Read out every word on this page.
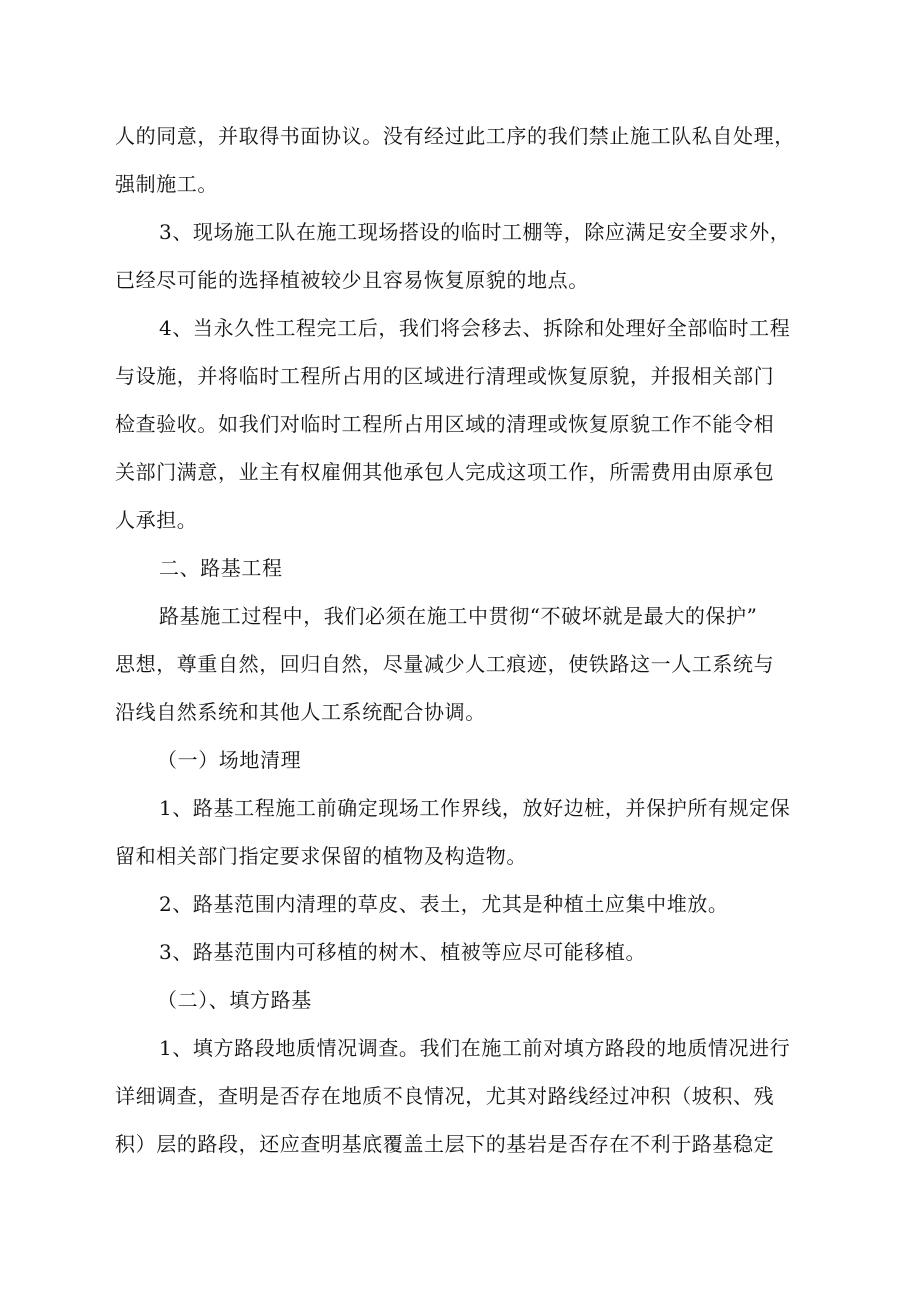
人的同意，并取得书面协议。没有经过此工序的我们禁止施工队私自处理，
强制施工。
3、现场施工队在施工现场搭设的临时工棚等，除应满足安全要求外，
已经尽可能的选择植被较少且容易恢复原貌的地点。
4、当永久性工程完工后，我们将会移去、拆除和处理好全部临时工程
与设施，并将临时工程所占用的区域进行清理或恢复原貌，并报相关部门
检查验收。如我们对临时工程所占用区域的清理或恢复原貌工作不能令相
关部门满意，业主有权雇佣其他承包人完成这项工作，所需费用由原承包
人承担。
二、路基工程
路基施工过程中，我们必须在施工中贯彻“不破坏就是最大的保护”
思想，尊重自然，回归自然，尽量减少人工痕迹，使铁路这一人工系统与
沿线自然系统和其他人工系统配合协调。
（一）场地清理
1、路基工程施工前确定现场工作界线，放好边桩，并保护所有规定保
留和相关部门指定要求保留的植物及构造物。
2、路基范围内清理的草皮、表土，尤其是种植土应集中堆放。
3、路基范围内可移植的树木、植被等应尽可能移植。
（二）、填方路基
1、填方路段地质情况调查。我们在施工前对填方路段的地质情况进行
详细调查，查明是否存在地质不良情况，尤其对路线经过冲积（坡积、残
积）层的路段，还应查明基底覆盖土层下的基岩是否存在不利于路基稳定
